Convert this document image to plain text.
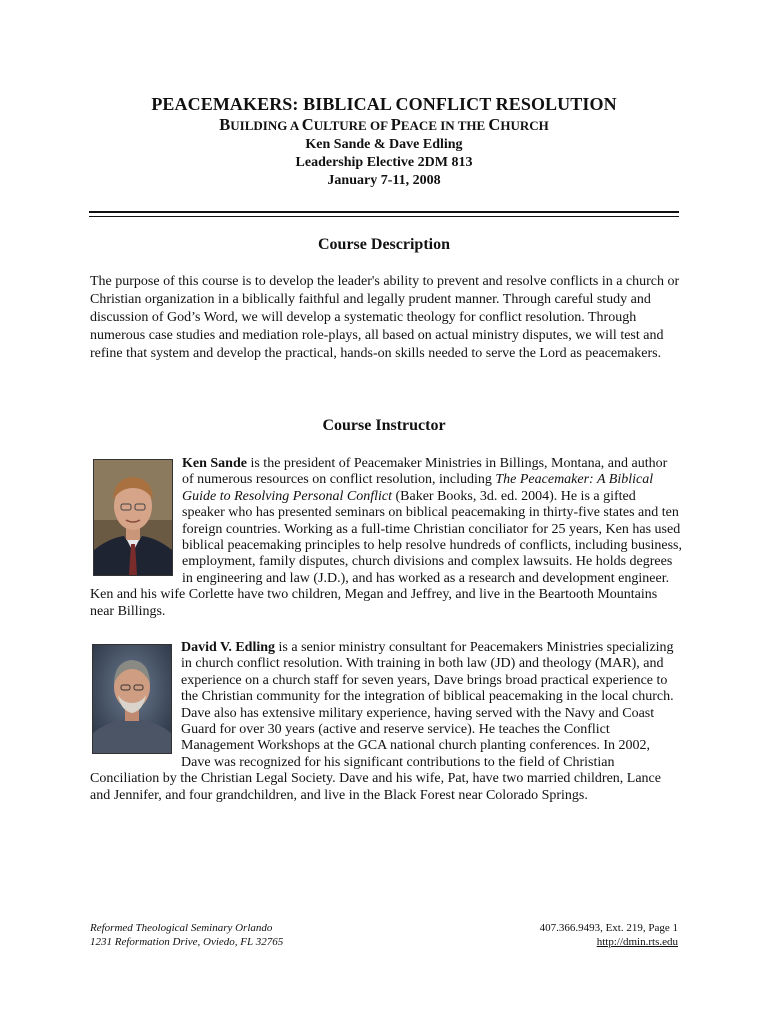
PEACEMAKERS: BIBLICAL CONFLICT RESOLUTION
BUILDING A CULTURE OF PEACE IN THE CHURCH
Ken Sande & Dave Edling
Leadership Elective 2DM 813
January 7-11, 2008
Course Description
The purpose of this course is to develop the leader's ability to prevent and resolve conflicts in a church or Christian organization in a biblically faithful and legally prudent manner. Through careful study and discussion of God’s Word, we will develop a systematic theology for conflict resolution. Through numerous case studies and mediation role-plays, all based on actual ministry disputes, we will test and refine that system and develop the practical, hands-on skills needed to serve the Lord as peacemakers.
Course Instructor
Ken Sande is the president of Peacemaker Ministries in Billings, Montana, and author of numerous resources on conflict resolution, including The Peacemaker: A Biblical Guide to Resolving Personal Conflict (Baker Books, 3d. ed. 2004). He is a gifted speaker who has presented seminars on biblical peacemaking in thirty-five states and ten foreign countries. Working as a full-time Christian conciliator for 25 years, Ken has used biblical peacemaking principles to help resolve hundreds of conflicts, including business, employment, family disputes, church divisions and complex lawsuits. He holds degrees in engineering and law (J.D.), and has worked as a research and development engineer. Ken and his wife Corlette have two children, Megan and Jeffrey, and live in the Beartooth Mountains near Billings.
David V. Edling is a senior ministry consultant for Peacemakers Ministries specializing in church conflict resolution. With training in both law (JD) and theology (MAR), and experience on a church staff for seven years, Dave brings broad practical experience to the Christian community for the integration of biblical peacemaking in the local church. Dave also has extensive military experience, having served with the Navy and Coast Guard for over 30 years (active and reserve service). He teaches the Conflict Management Workshops at the GCA national church planting conferences. In 2002, Dave was recognized for his significant contributions to the field of Christian Conciliation by the Christian Legal Society. Dave and his wife, Pat, have two married children, Lance and Jennifer, and four grandchildren, and live in the Black Forest near Colorado Springs.
Reformed Theological Seminary Orlando
1231 Reformation Drive, Oviedo, FL 32765
407.366.9493, Ext. 219, Page 1
http://dmin.rts.edu
